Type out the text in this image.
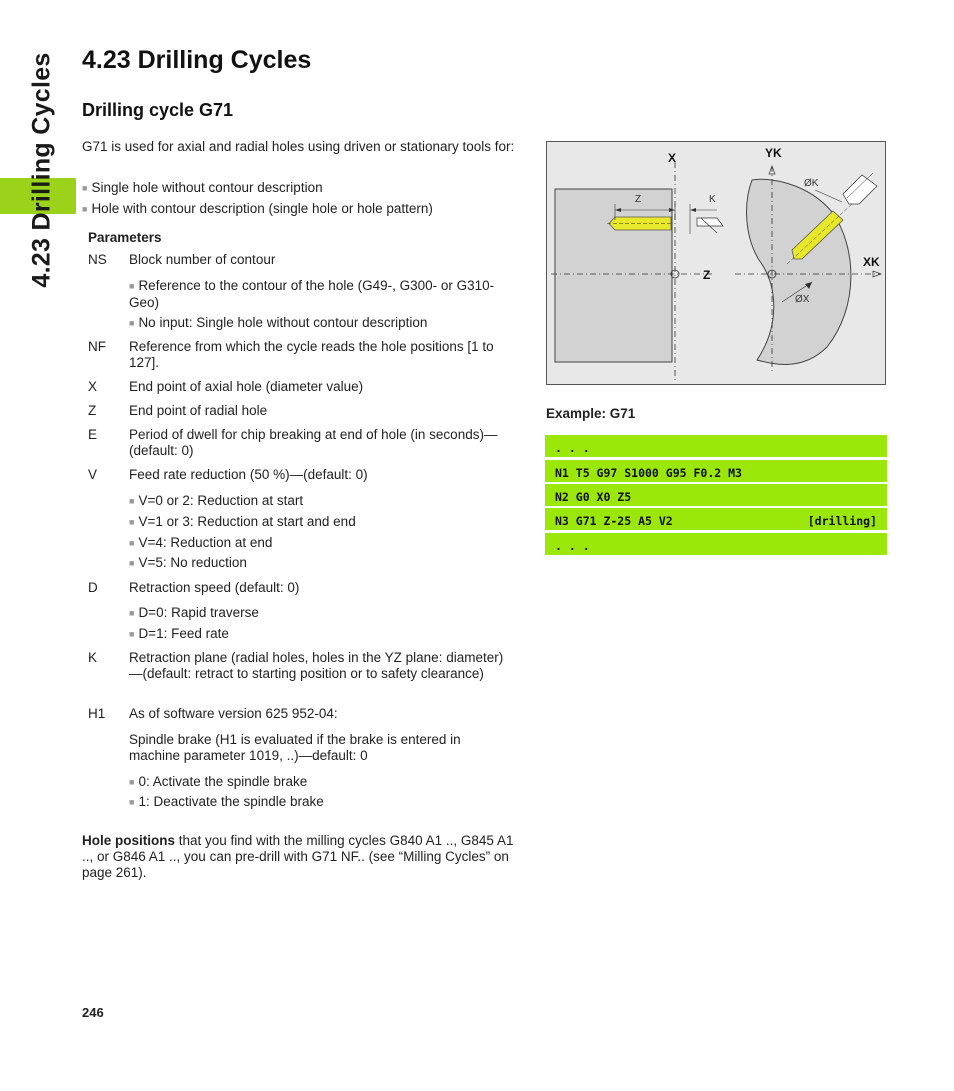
4.23 Drilling Cycles 4.23 Drilling Cycles
Drilling cycle G71
G71 is used for axial and radial holes using driven or stationary tools for:
■ Single hole without contour description
■ Hole with contour description (single hole or hole pattern)
Parameters
NS Block number of contour
■ Reference to the contour of the hole (G49-, G300- or G310-Geo)
■ No input: Single hole without contour description
NF Reference from which the cycle reads the hole positions [1 to 127].
X End point of axial hole (diameter value)
Z End point of radial hole
E Period of dwell for chip breaking at end of hole (in seconds)—(default: 0)
V Feed rate reduction (50 %)—(default: 0)
■ V=0 or 2: Reduction at start
■ V=1 or 3: Reduction at start and end
■ V=4: Reduction at end
■ V=5: No reduction
D Retraction speed (default: 0)
■ D=0: Rapid traverse
■ D=1: Feed rate
K Retraction plane (radial holes, holes in the YZ plane: diameter)—(default: retract to starting position or to safety clearance)
H1 As of software version 625 952-04:
Spindle brake (H1 is evaluated if the brake is entered in machine parameter 1019, ..)—default: 0
■ 0: Activate the spindle brake
■ 1: Deactivate the spindle brake
Hole positions that you find with the milling cycles G840 A1 .., G845 A1 .., or G846 A1 .., you can pre-drill with G71 NF.. (see “Milling Cycles” on page 261).
X
Z
YK
XK
Z	K
ØK
ØX
Example: G71
. . .
N1 T5 G97 S1000 G95 F0.2 M3
N2 G0 X0 Z5
N3 G71 Z-25 A5 V2	[drilling]
. . .
246
